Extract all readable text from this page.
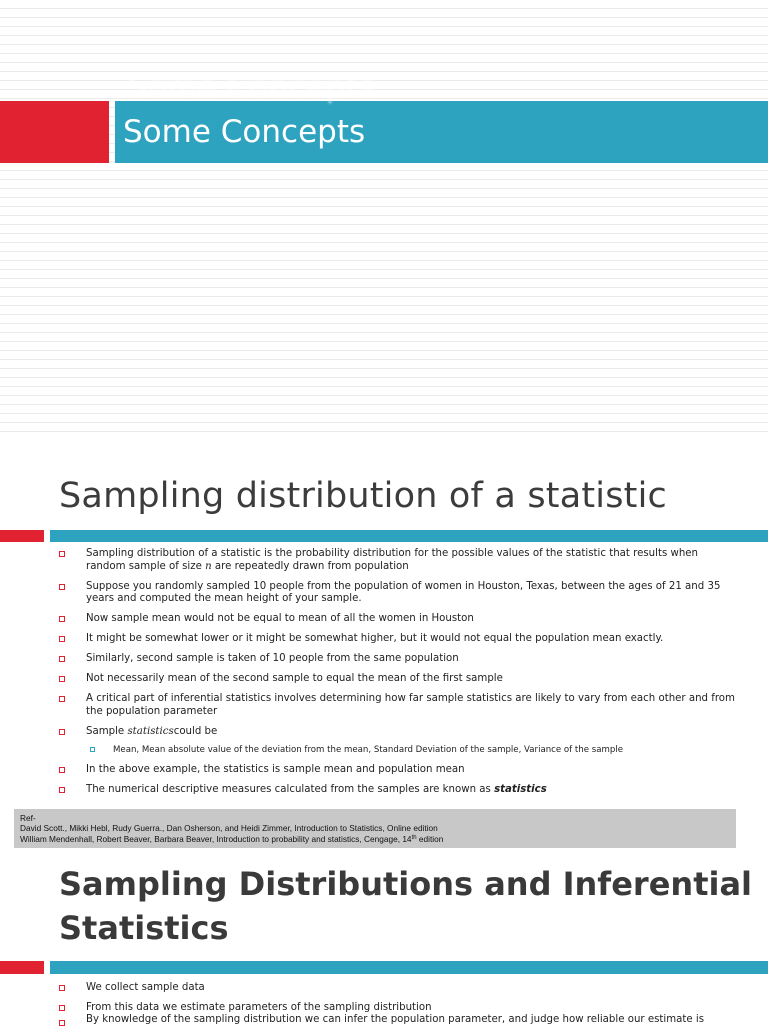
Some Concepts
Some Concepts
Sampling distribution of a statistic
Sampling distribution of a statistic is the probability distribution for the possible values of the statistic that results when random sample of size n are repeatedly drawn from population
Suppose you randomly sampled 10 people from the population of women in Houston, Texas, between the ages of 21 and 35 years and computed the mean height of your sample.
Now sample mean would not be equal to mean of all the women in Houston
It might be somewhat lower or it might be somewhat higher, but it would not equal the population mean exactly.
Similarly, second sample is taken of 10 people from the same population
Not necessarily mean of the second sample to equal the mean of the first sample
A critical part of inferential statistics involves determining how far sample statistics are likely to vary from each other and from the population parameter
Sample statisticscould be
Mean, Mean absolute value of the deviation from the mean, Standard Deviation of the sample, Variance of the sample
In the above example, the statistics is sample mean and population mean
The numerical descriptive measures calculated from the samples are known as statistics
Ref-
David Scott., Mikki Hebl, Rudy Guerra., Dan Osherson, and Heidi Zimmer, Introduction to Statistics, Online edition
William Mendenhall, Robert Beaver, Barbara Beaver, Introduction to probability and statistics, Cengage, 14th edition
Sampling Distributions and Inferential Statistics
We collect sample data
From this data we estimate parameters of the sampling distribution
By knowledge of the sampling distribution we can infer the population parameter, and judge how reliable our estimate is
